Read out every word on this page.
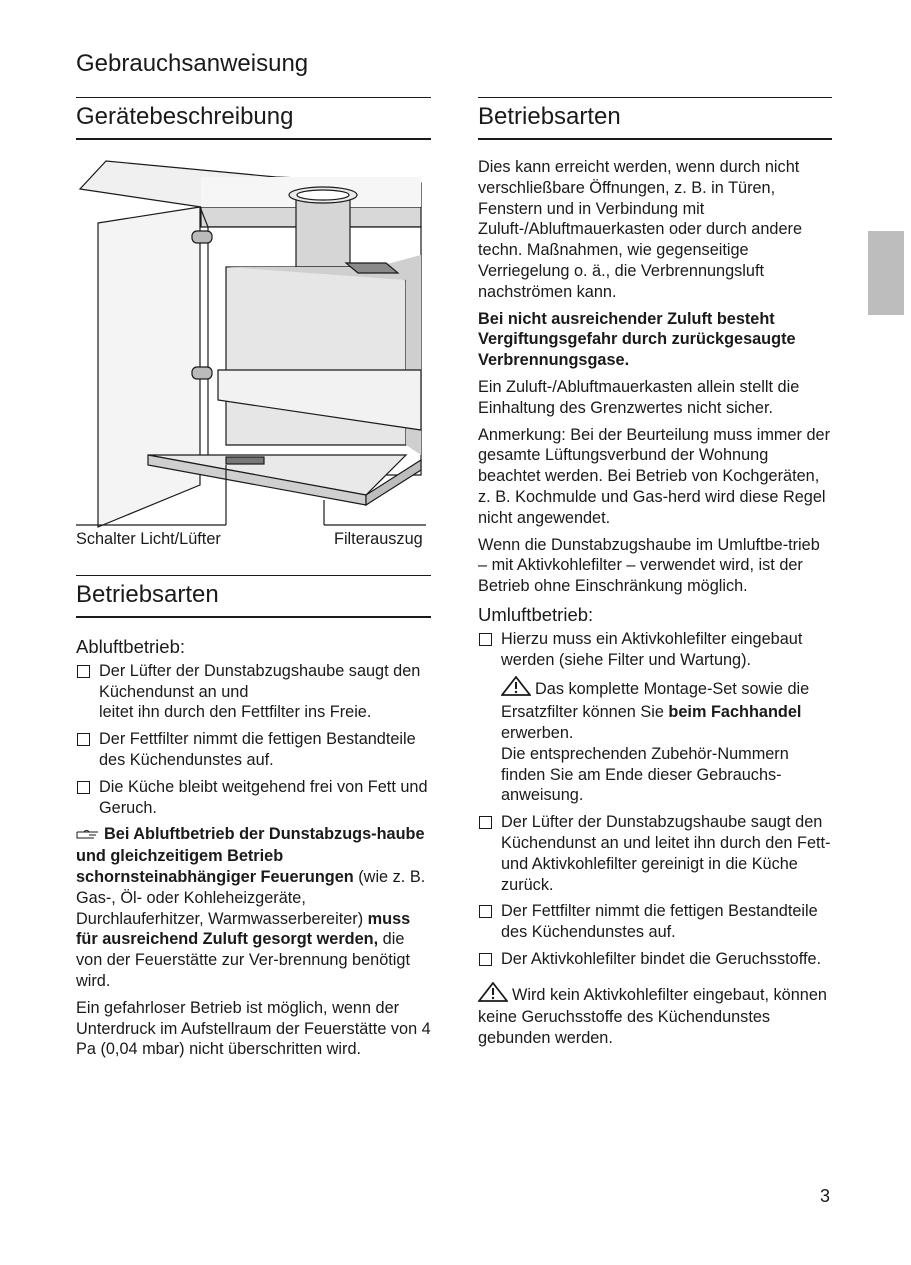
Gebrauchsanweisung
Gerätebeschreibung
Schalter Licht/Lüfter	Filterauszug
Betriebsarten
Abluftbetrieb:
Der Lüfter der Dunstabzugshaube saugt den Küchendunst an und
leitet ihn durch den Fettfilter ins Freie.
Der Fettfilter nimmt die fettigen Bestandteile des Küchendunstes auf.
Die Küche bleibt weitgehend frei von Fett und Geruch.

Bei Abluftbetrieb der Dunstabzugs-haube und gleichzeitigem Betrieb schornsteinabhängiger Feuerungen (wie z. B. Gas-, Öl- oder Kohleheizgeräte, Durchlauferhitzer, Warmwasserbereiter) muss für ausreichend Zuluft gesorgt werden, die von der Feuerstätte zur Ver-brennung benötigt wird.

Ein gefahrloser Betrieb ist möglich, wenn der Unterdruck im Aufstellraum der Feuerstätte von 4 Pa (0,04 mbar) nicht überschritten wird.

Betriebsarten

Dies kann erreicht werden, wenn durch nicht verschließbare Öffnungen, z. B. in Türen, Fenstern und in Verbindung mit Zuluft-/Abluftmauerkasten oder durch andere techn. Maßnahmen, wie gegenseitige Verriegelung o. ä., die Verbrennungsluft nachströmen kann.

Bei nicht ausreichender Zuluft besteht Vergiftungsgefahr durch zurückgesaugte Verbrennungsgase.

Ein Zuluft-/Abluftmauerkasten allein stellt die Einhaltung des Grenzwertes nicht sicher.

Anmerkung: Bei der Beurteilung muss immer der gesamte Lüftungsverbund der Wohnung beachtet werden. Bei Betrieb von Kochgeräten, z. B. Kochmulde und Gas-herd wird diese Regel nicht angewendet.

Wenn die Dunstabzugshaube im Umluftbe-trieb – mit Aktivkohlefilter – verwendet wird, ist der Betrieb ohne Einschränkung möglich.

Umluftbetrieb:
Hierzu muss ein Aktivkohlefilter eingebaut werden (siehe Filter und Wartung).

Das komplette Montage-Set sowie die Ersatzfilter können Sie beim Fachhandel erwerben.
Die entsprechenden Zubehör-Nummern finden Sie am Ende dieser Gebrauchs-anweisung.

Der Lüfter der Dunstabzugshaube saugt den Küchendunst an und leitet ihn durch den Fett- und Aktivkohlefilter gereinigt in die Küche zurück.
Der Fettfilter nimmt die fettigen Bestandteile des Küchendunstes auf.
Der Aktivkohlefilter bindet die Geruchsstoffe.

Wird kein Aktivkohlefilter eingebaut, können keine Geruchsstoffe des Küchendunstes gebunden werden.

3
